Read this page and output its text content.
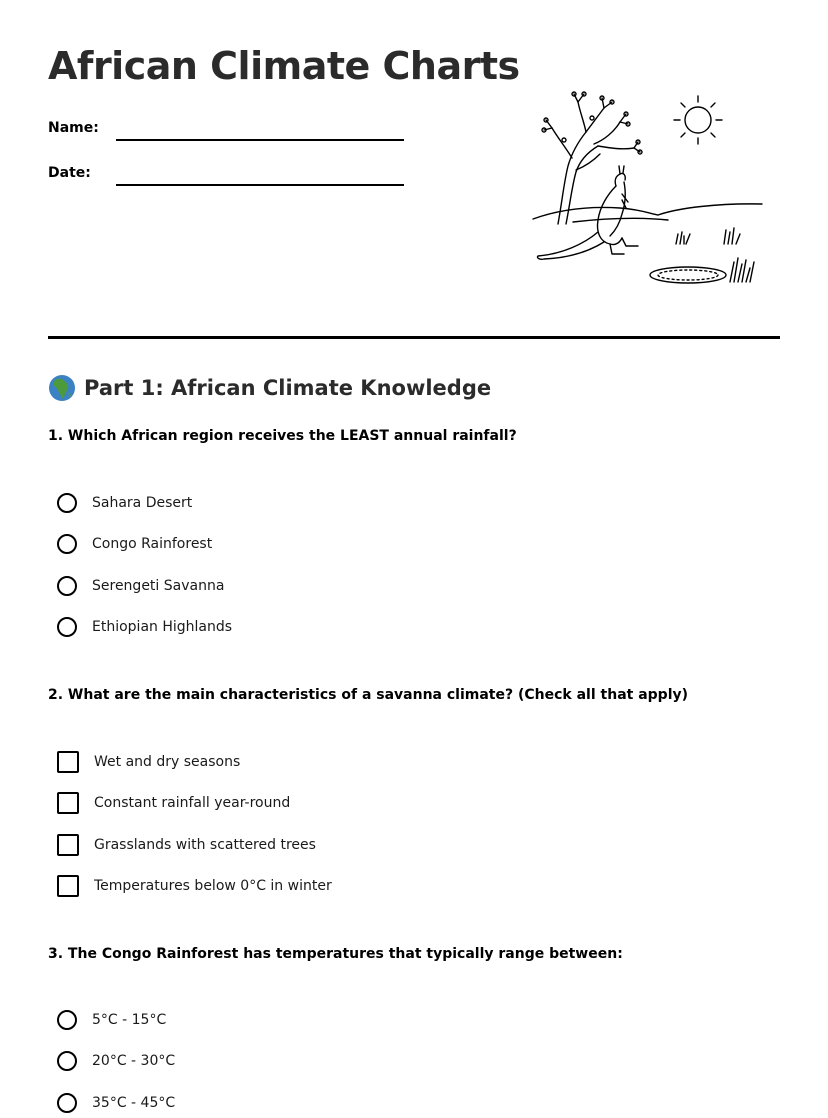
African Climate Charts
Name:
Date:
Part 1: African Climate Knowledge
1. Which African region receives the LEAST annual rainfall?
Sahara Desert
Congo Rainforest
Serengeti Savanna
Ethiopian Highlands
2. What are the main characteristics of a savanna climate? (Check all that apply)
Wet and dry seasons
Constant rainfall year-round
Grasslands with scattered trees
Temperatures below 0°C in winter
3. The Congo Rainforest has temperatures that typically range between:
5°C - 15°C
20°C - 30°C
35°C - 45°C
